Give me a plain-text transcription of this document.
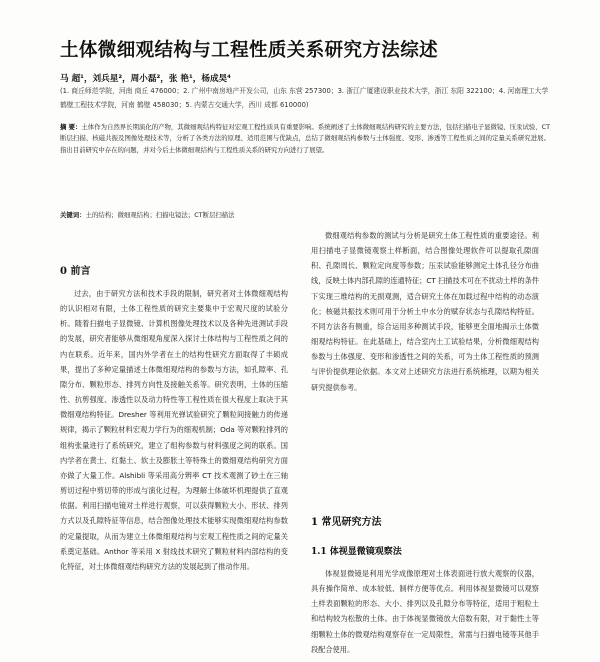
土体微细观结构与工程性质关系研究方法综述
马 超¹，刘兵星²，周小磊²，张 艳¹，杨成昊⁴
(1. 商丘师范学院，河南 商丘 476000；2. 广州中南房地产开发公司，山东 东营 257300；3. 浙江广厦建设职业技术大学，浙江 东阳 322100；4. 河南理工大学鹤壁工程技术学院，河南 鹤壁 458030；5. 内蒙古交通大学，西川 成都 610000)
摘 要：土体作为自然界长期演化的产物，其微细观结构特征对宏观工程性质具有重要影响。系统阐述了土体微细观结构研究的主要方法，包括扫描电子显微镜、压汞试验、CT断层扫描、核磁共振及图像处理技术等，分析了各类方法的原理、适用范围与优缺点，总结了微细观结构参数与土体强度、变形、渗透等工程性质之间的定量关系研究进展。指出目前研究中存在的问题，并对今后土体微细观结构与工程性质关系的研究方向进行了展望。
关键词：土的结构；微细观结构；扫描电镜法；CT断层扫描法
0 前言

过去，由于研究方法和技术手段的限制，研究者对土体微细观结构的认识相对有限，土体工程性质的研究主要集中于宏观尺度的试验分析。随着扫描电子显微镜、计算机图像处理技术以及各种先进测试手段的发展，研究者能够从微细观角度深入探讨土体结构与工程性质之间的内在联系。近年来，国内外学者在土的结构性研究方面取得了丰硕成果，提出了多种定量描述土体微细观结构的参数与方法，如孔隙率、孔隙分布、颗粒形态、排列方向性及接触关系等。研究表明，土体的压缩性、抗剪强度、渗透性以及动力特性等工程性质在很大程度上取决于其微细观结构特征。Dresher 等利用光弹试验研究了颗粒间接触力的传递规律，揭示了颗粒材料宏观力学行为的细观机制；Oda 等对颗粒排列的组构张量进行了系统研究，建立了组构参数与材料强度之间的联系。国内学者在黄土、红黏土、软土及膨胀土等特殊土的微细观结构研究方面亦做了大量工作。Alshibli 等采用高分辨率 CT 技术观测了砂土在三轴剪切过程中剪切带的形成与演化过程，为理解土体破坏机理提供了直观依据。利用扫描电镜对土样进行观察，可以获得颗粒大小、形状、排列方式以及孔隙特征等信息，结合图像处理技术能够实现微细观结构参数的定量提取，从而为建立土体微细观结构与宏观工程性质之间的定量关系奠定基础。Anthor 等采用 X 射线技术研究了颗粒材料内部结构的变化特征，对土体微细观结构研究方法的发展起到了推动作用。

微细观结构参数的测试与分析是研究土体工程性质的重要途径。利用扫描电子显微镜观察土样断面，结合图像处理软件可以提取孔隙面积、孔隙周长、颗粒定向度等参数；压汞试验能够测定土体孔径分布曲线，反映土体内部孔隙的连通特征；CT 扫描技术可在不扰动土样的条件下实现三维结构的无损观测，适合研究土体在加载过程中结构的动态演化；核磁共振技术则可用于分析土中水分的赋存状态与孔隙结构特征。不同方法各有侧重，综合运用多种测试手段，能够更全面地揭示土体微细观结构特征。在此基础上，结合室内土工试验结果，分析微细观结构参数与土体强度、变形和渗透性之间的关系，可为土体工程性质的预测与评价提供理论依据。本文对上述研究方法进行系统梳理，以期为相关研究提供参考。

1 常见研究方法
1.1 体视显微镜观察法

体视显微镜是利用光学成像原理对土体表面进行放大观察的仪器，具有操作简单、成本较低、制样方便等优点。利用体视显微镜可以观察土样表面颗粒的形态、大小、排列以及孔隙分布等特征，适用于粗粒土和结构较为松散的土体。由于体视显微镜放大倍数有限，对于黏性土等细颗粒土体的微观结构观察存在一定局限性，常需与扫描电镜等其他手段配合使用。
